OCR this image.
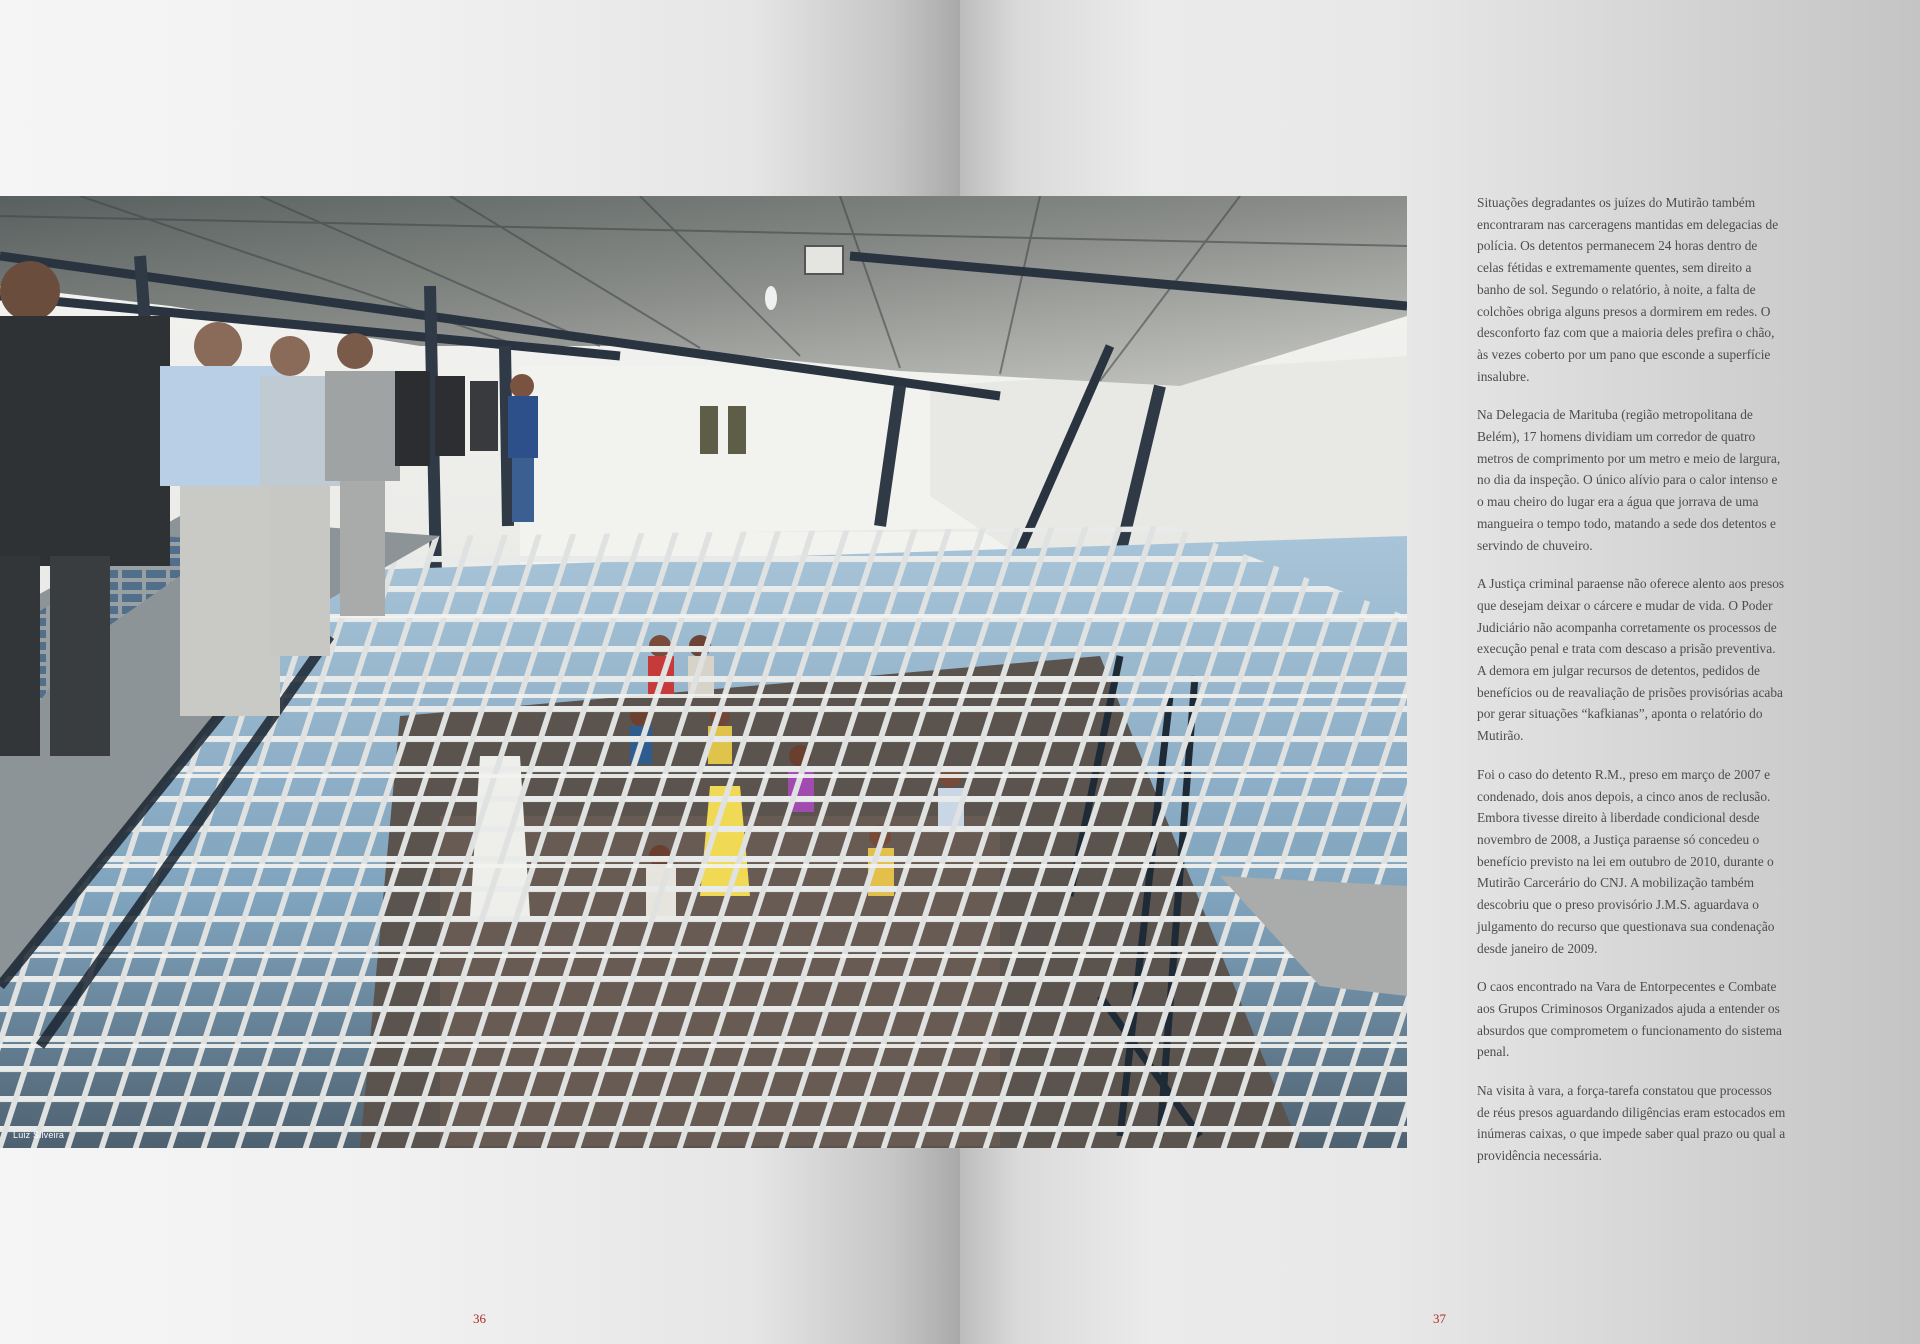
36	37
Luiz Silveira

Situações degradantes os juízes do Mutirão também encontraram nas carceragens mantidas em delegacias de polícia. Os detentos permanecem 24 horas dentro de celas fétidas e extremamente quentes, sem direito a banho de sol. Segundo o relatório, à noite, a falta de colchões obriga alguns presos a dormirem em redes. O desconforto faz com que a maioria deles prefira o chão, às vezes coberto por um pano que esconde a superfície insalubre.

Na Delegacia de Marituba (região metropolitana de Belém), 17 homens dividiam um corredor de quatro metros de comprimento por um metro e meio de largura, no dia da inspeção. O único alívio para o calor intenso e o mau cheiro do lugar era a água que jorrava de uma mangueira o tempo todo, matando a sede dos detentos e servindo de chuveiro.

A Justiça criminal paraense não oferece alento aos presos que desejam deixar o cárcere e mudar de vida. O Poder Judiciário não acompanha corretamente os processos de execução penal e trata com descaso a prisão preventiva. A demora em julgar recursos de detentos, pedidos de benefícios ou de reavaliação de prisões provisórias acaba por gerar situações “kafkianas”, aponta o relatório do Mutirão.

Foi o caso do detento R.M., preso em março de 2007 e condenado, dois anos depois, a cinco anos de reclusão. Embora tivesse direito à liberdade condicional desde novembro de 2008, a Justiça paraense só concedeu o benefício previsto na lei em outubro de 2010, durante o Mutirão Carcerário do CNJ. A mobilização também descobriu que o preso provisório J.M.S. aguardava o julgamento do recurso que questionava sua condenação desde janeiro de 2009.

O caos encontrado na Vara de Entorpecentes e Combate aos Grupos Criminosos Organizados ajuda a entender os absurdos que comprometem o funcionamento do sistema penal.

Na visita à vara, a força-tarefa constatou que processos de réus presos aguardando diligências eram estocados em inúmeras caixas, o que impede saber qual prazo ou qual a providência necessária.
